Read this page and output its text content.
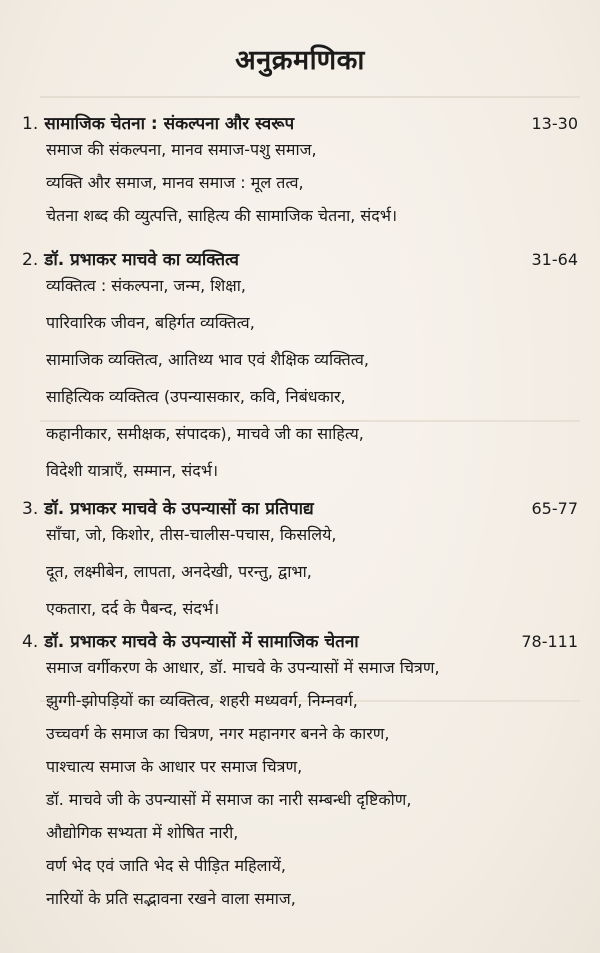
अनुक्रमणिका
1. सामाजिक चेतना : संकल्पना और स्वरूप	13-30
समाज की संकल्पना, मानव समाज-पशु समाज,
व्यक्ति और समाज, मानव समाज : मूल तत्व,
चेतना शब्द की व्युत्पत्ति, साहित्य की सामाजिक चेतना, संदर्भ।
2. डॉ. प्रभाकर माचवे का व्यक्तित्व	31-64
व्यक्तित्व : संकल्पना, जन्म, शिक्षा,
पारिवारिक जीवन, बहिर्गत व्यक्तित्व,
सामाजिक व्यक्तित्व, आतिथ्य भाव एवं शैक्षिक व्यक्तित्व,
साहित्यिक व्यक्तित्व (उपन्यासकार, कवि, निबंधकार,
कहानीकार, समीक्षक, संपादक), माचवे जी का साहित्य,
विदेशी यात्राएँ, सम्मान, संदर्भ।
3. डॉ. प्रभाकर माचवे के उपन्यासों का प्रतिपाद्य	65-77
साँचा, जो, किशोर, तीस-चालीस-पचास, किसलिये,
दूत, लक्ष्मीबेन, लापता, अनदेखी, परन्तु, द्वाभा,
एकतारा, दर्द के पैबन्द, संदर्भ।
4. डॉ. प्रभाकर माचवे के उपन्यासों में सामाजिक चेतना	78-111
समाज वर्गीकरण के आधार, डॉ. माचवे के उपन्यासों में समाज चित्रण,
झुग्गी-झोपड़ियों का व्यक्तित्व, शहरी मध्यवर्ग, निम्नवर्ग,
उच्चवर्ग के समाज का चित्रण, नगर महानगर बनने के कारण,
पाश्चात्य समाज के आधार पर समाज चित्रण,
डॉ. माचवे जी के उपन्यासों में समाज का नारी सम्बन्धी दृष्टिकोण,
औद्योगिक सभ्यता में शोषित नारी,
वर्ण भेद एवं जाति भेद से पीड़ित महिलायें,
नारियों के प्रति सद्भावना रखने वाला समाज,
